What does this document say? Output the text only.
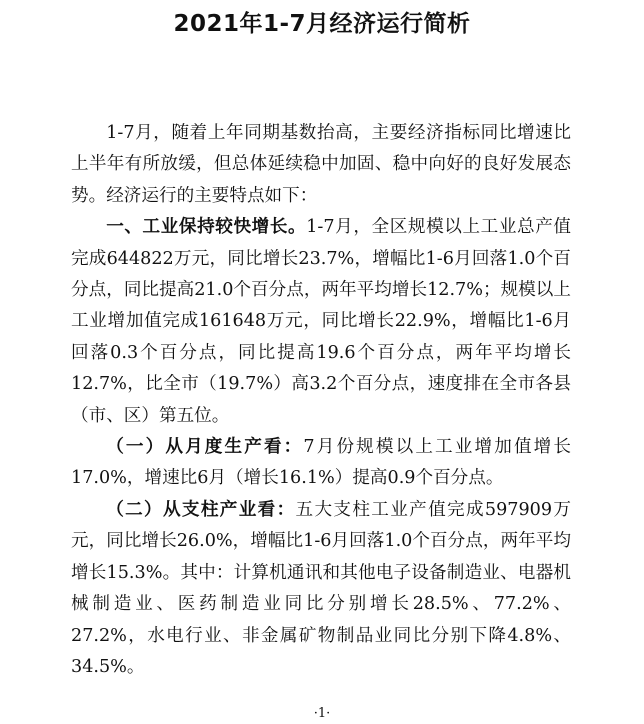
2021年1-7月经济运行简析

1-7月，随着上年同期基数抬高，主要经济指标同比增速比上半年有所放缓，但总体延续稳中加固、稳中向好的良好发展态势。经济运行的主要特点如下：

一、工业保持较快增长。1-7月，全区规模以上工业总产值完成644822万元，同比增长23.7%，增幅比1-6月回落1.0个百分点，同比提高21.0个百分点，两年平均增长12.7%；规模以上工业增加值完成161648万元，同比增长22.9%，增幅比1-6月回落0.3个百分点，同比提高19.6个百分点，两年平均增长12.7%，比全市（19.7%）高3.2个百分点，速度排在全市各县（市、区）第五位。

（一）从月度生产看：7月份规模以上工业增加值增长17.0%，增速比6月（增长16.1%）提高0.9个百分点。

（二）从支柱产业看：五大支柱工业产值完成597909万元，同比增长26.0%，增幅比1-6月回落1.0个百分点，两年平均增长15.3%。其中：计算机通讯和其他电子设备制造业、电器机械制造业、医药制造业同比分别增长28.5%、77.2%、27.2%，水电行业、非金属矿物制品业同比分别下降4.8%、34.5%。

·1·
